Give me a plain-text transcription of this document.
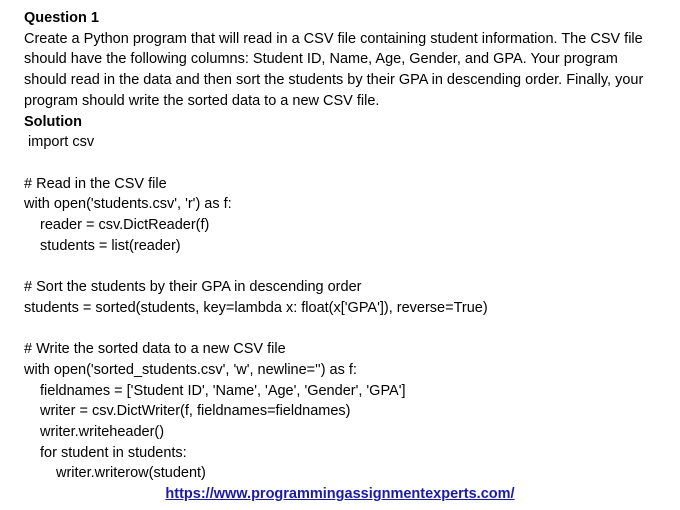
Question 1
Create a Python program that will read in a CSV file containing student information. The CSV file should have the following columns: Student ID, Name, Age, Gender, and GPA. Your program should read in the data and then sort the students by their GPA in descending order. Finally, your program should write the sorted data to a new CSV file.
Solution
import csv
# Read in the CSV file
with open('students.csv', 'r') as f:
reader = csv.DictReader(f)
students = list(reader)
# Sort the students by their GPA in descending order
students = sorted(students, key=lambda x: float(x['GPA']), reverse=True)
# Write the sorted data to a new CSV file
with open('sorted_students.csv', 'w', newline='') as f:
fieldnames = ['Student ID', 'Name', 'Age', 'Gender', 'GPA']
writer = csv.DictWriter(f, fieldnames=fieldnames)
writer.writeheader()
for student in students:
writer.writerow(student)
https://www.programmingassignmentexperts.com/
